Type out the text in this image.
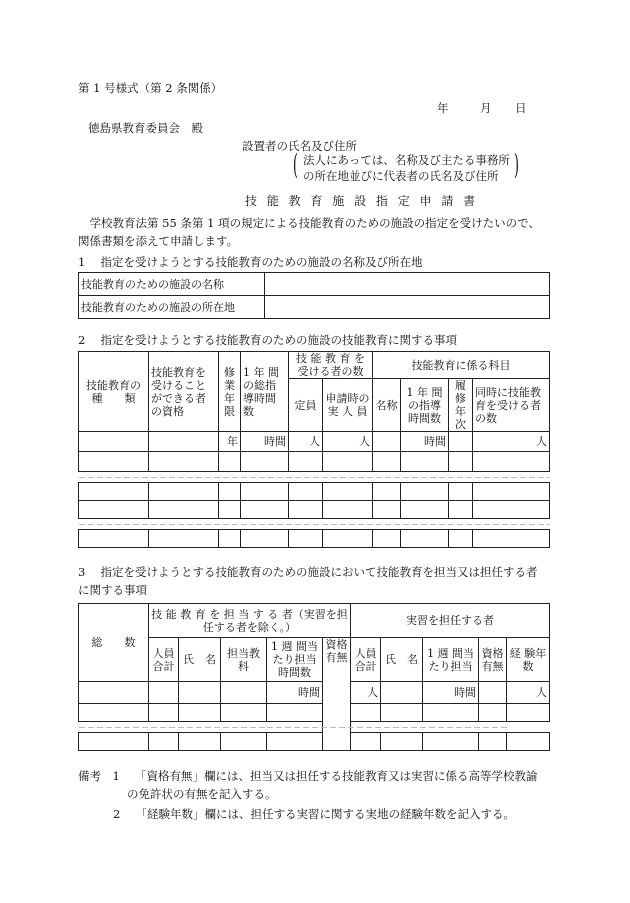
第 1 号様式（第 2 条関係）
年	月 日
徳島県教育委員会　殿
設置者の氏名及び住所
( 法人にあっては、名称及び主たる事務所
の所在地並びに代表者の氏名及び住所 )
技 能 教 育 施 設 指 定 申 請 書
学校教育法第 55 条第 1 項の規定による技能教育のための施設の指定を受けたいので、関係書類を添えて申請します。
1　 指定を受けようとする技能教育のための施設の名称及び所在地
技能教育のための施設の名称	
技能教育のための施設の所在地	
2　 指定を受けようとする技能教育のための施設の技能教育に関する事項
技能教育の種　　類	技能教育を受けることができる者の資格	修業年限	1 年 間の総指導時間数	技 能 教 育 を受ける者の数		技能教育に係る科目			
				定員	申請時の実 人 員	名称	1 年 間の指導時間数	履修年次	同時に技能教育を受ける者の数
		年	時間	人	人		時間		人

3　 指定を受けようとする技能教育のための施設において技能教育を担当又は担任する者に関する事項
総　　数	技 能 教 育 を 担 当 す る 者（実習を担任する者を除く。）					実習を担任する者				
	人員合計	氏　名	担当教科	1 週 間当たり担当時間数	資格有無	人員合計	氏　名	1 週 間当たり担当	資格有無	経 験年 数
				時間		人		時間		人

備考　1　 「資格有無」欄には、担当又は担任する技能教育又は実習に係る高等学校教諭
の免許状の有無を記入する。
2　 「経験年数」欄には、担任する実習に関する実地の経験年数を記入する。
